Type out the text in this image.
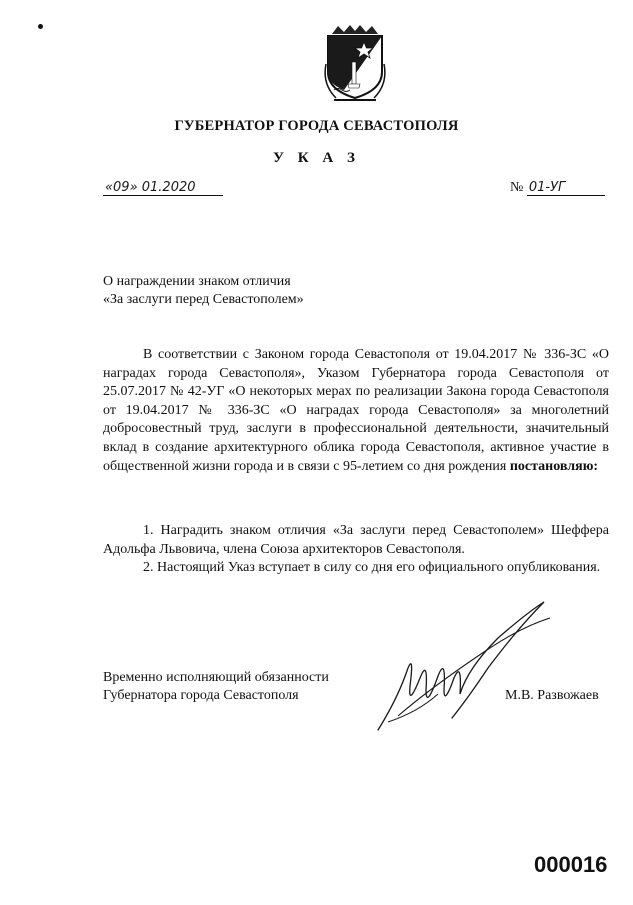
ГУБЕРНАТОР ГОРОДА СЕВАСТОПОЛЯ
У К А З
«09» 01.2020	№ 01-УГ
О награждении знаком отличия
«За заслуги перед Севастополем»

В соответствии с Законом города Севастополя от 19.04.2017 № 336-ЗС «О наградах города Севастополя», Указом Губернатора города Севастополя от 25.07.2017 № 42-УГ «О некоторых мерах по реализации Закона города Севастополя от 19.04.2017 № 336-ЗС «О наградах города Севастополя» за многолетний добросовестный труд, заслуги в профессиональной деятельности, значительный вклад в создание архитектурного облика города Севастополя, активное участие в общественной жизни города и в связи с 95-летием со дня рождения постановляю:

1. Наградить знаком отличия «За заслуги перед Севастополем» Шеффера Адольфа Львовича, члена Союза архитекторов Севастополя.

2. Настоящий Указ вступает в силу со дня его официального опубликования.

Временно исполняющий обязанности
Губернатора города Севастополя	М.В. Развожаев
000016
